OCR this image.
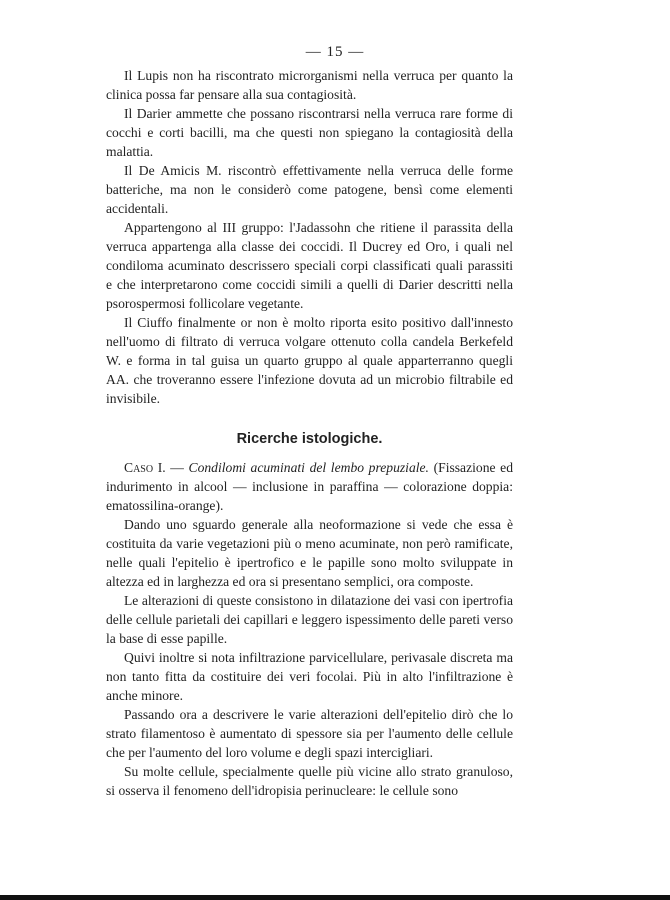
— 15 —

Il Lupis non ha riscontrato microrganismi nella verruca per quanto la clinica possa far pensare alla sua contagiosità.

Il Darier ammette che possano riscontrarsi nella verruca rare forme di cocchi e corti bacilli, ma che questi non spiegano la contagiosità della malattia.

Il De Amicis M. riscontrò effettivamente nella verruca delle forme batteriche, ma non le considerò come patogene, bensì come elementi accidentali.

Appartengono al III gruppo: l'Jadassohn che ritiene il parassita della verruca appartenga alla classe dei coccidi. Il Ducrey ed Oro, i quali nel condiloma acuminato descrissero speciali corpi classificati quali parassiti e che interpretarono come coccidi simili a quelli di Darier descritti nella psorospermosi follicolare vegetante.

Il Ciuffo finalmente or non è molto riporta esito positivo dall'innesto nell'uomo di filtrato di verruca volgare ottenuto colla candela Berkefeld W. e forma in tal guisa un quarto gruppo al quale apparterranno quegli AA. che troveranno essere l'infezione dovuta ad un microbio filtrabile ed invisibile.

Ricerche istologiche.

Caso I. — Condilomi acuminati del lembo prepuziale. (Fissazione ed indurimento in alcool — inclusione in paraffina — colorazione doppia: ematossilina-orange).

Dando uno sguardo generale alla neoformazione si vede che essa è costituita da varie vegetazioni più o meno acuminate, non però ramificate, nelle quali l'epitelio è ipertrofico e le papille sono molto sviluppate in altezza ed in larghezza ed ora si presentano semplici, ora composte.

Le alterazioni di queste consistono in dilatazione dei vasi con ipertrofia delle cellule parietali dei capillari e leggero ispessimento delle pareti verso la base di esse papille.

Quivi inoltre si nota infiltrazione parvicellulare, perivasale discreta ma non tanto fitta da costituire dei veri focolai. Più in alto l'infiltrazione è anche minore.

Passando ora a descrivere le varie alterazioni dell'epitelio dirò che lo strato filamentoso è aumentato di spessore sia per l'aumento delle cellule che per l'aumento del loro volume e degli spazi intercigliari.

Su molte cellule, specialmente quelle più vicine allo strato granuloso, si osserva il fenomeno dell'idropisia perinucleare: le cellule sono
